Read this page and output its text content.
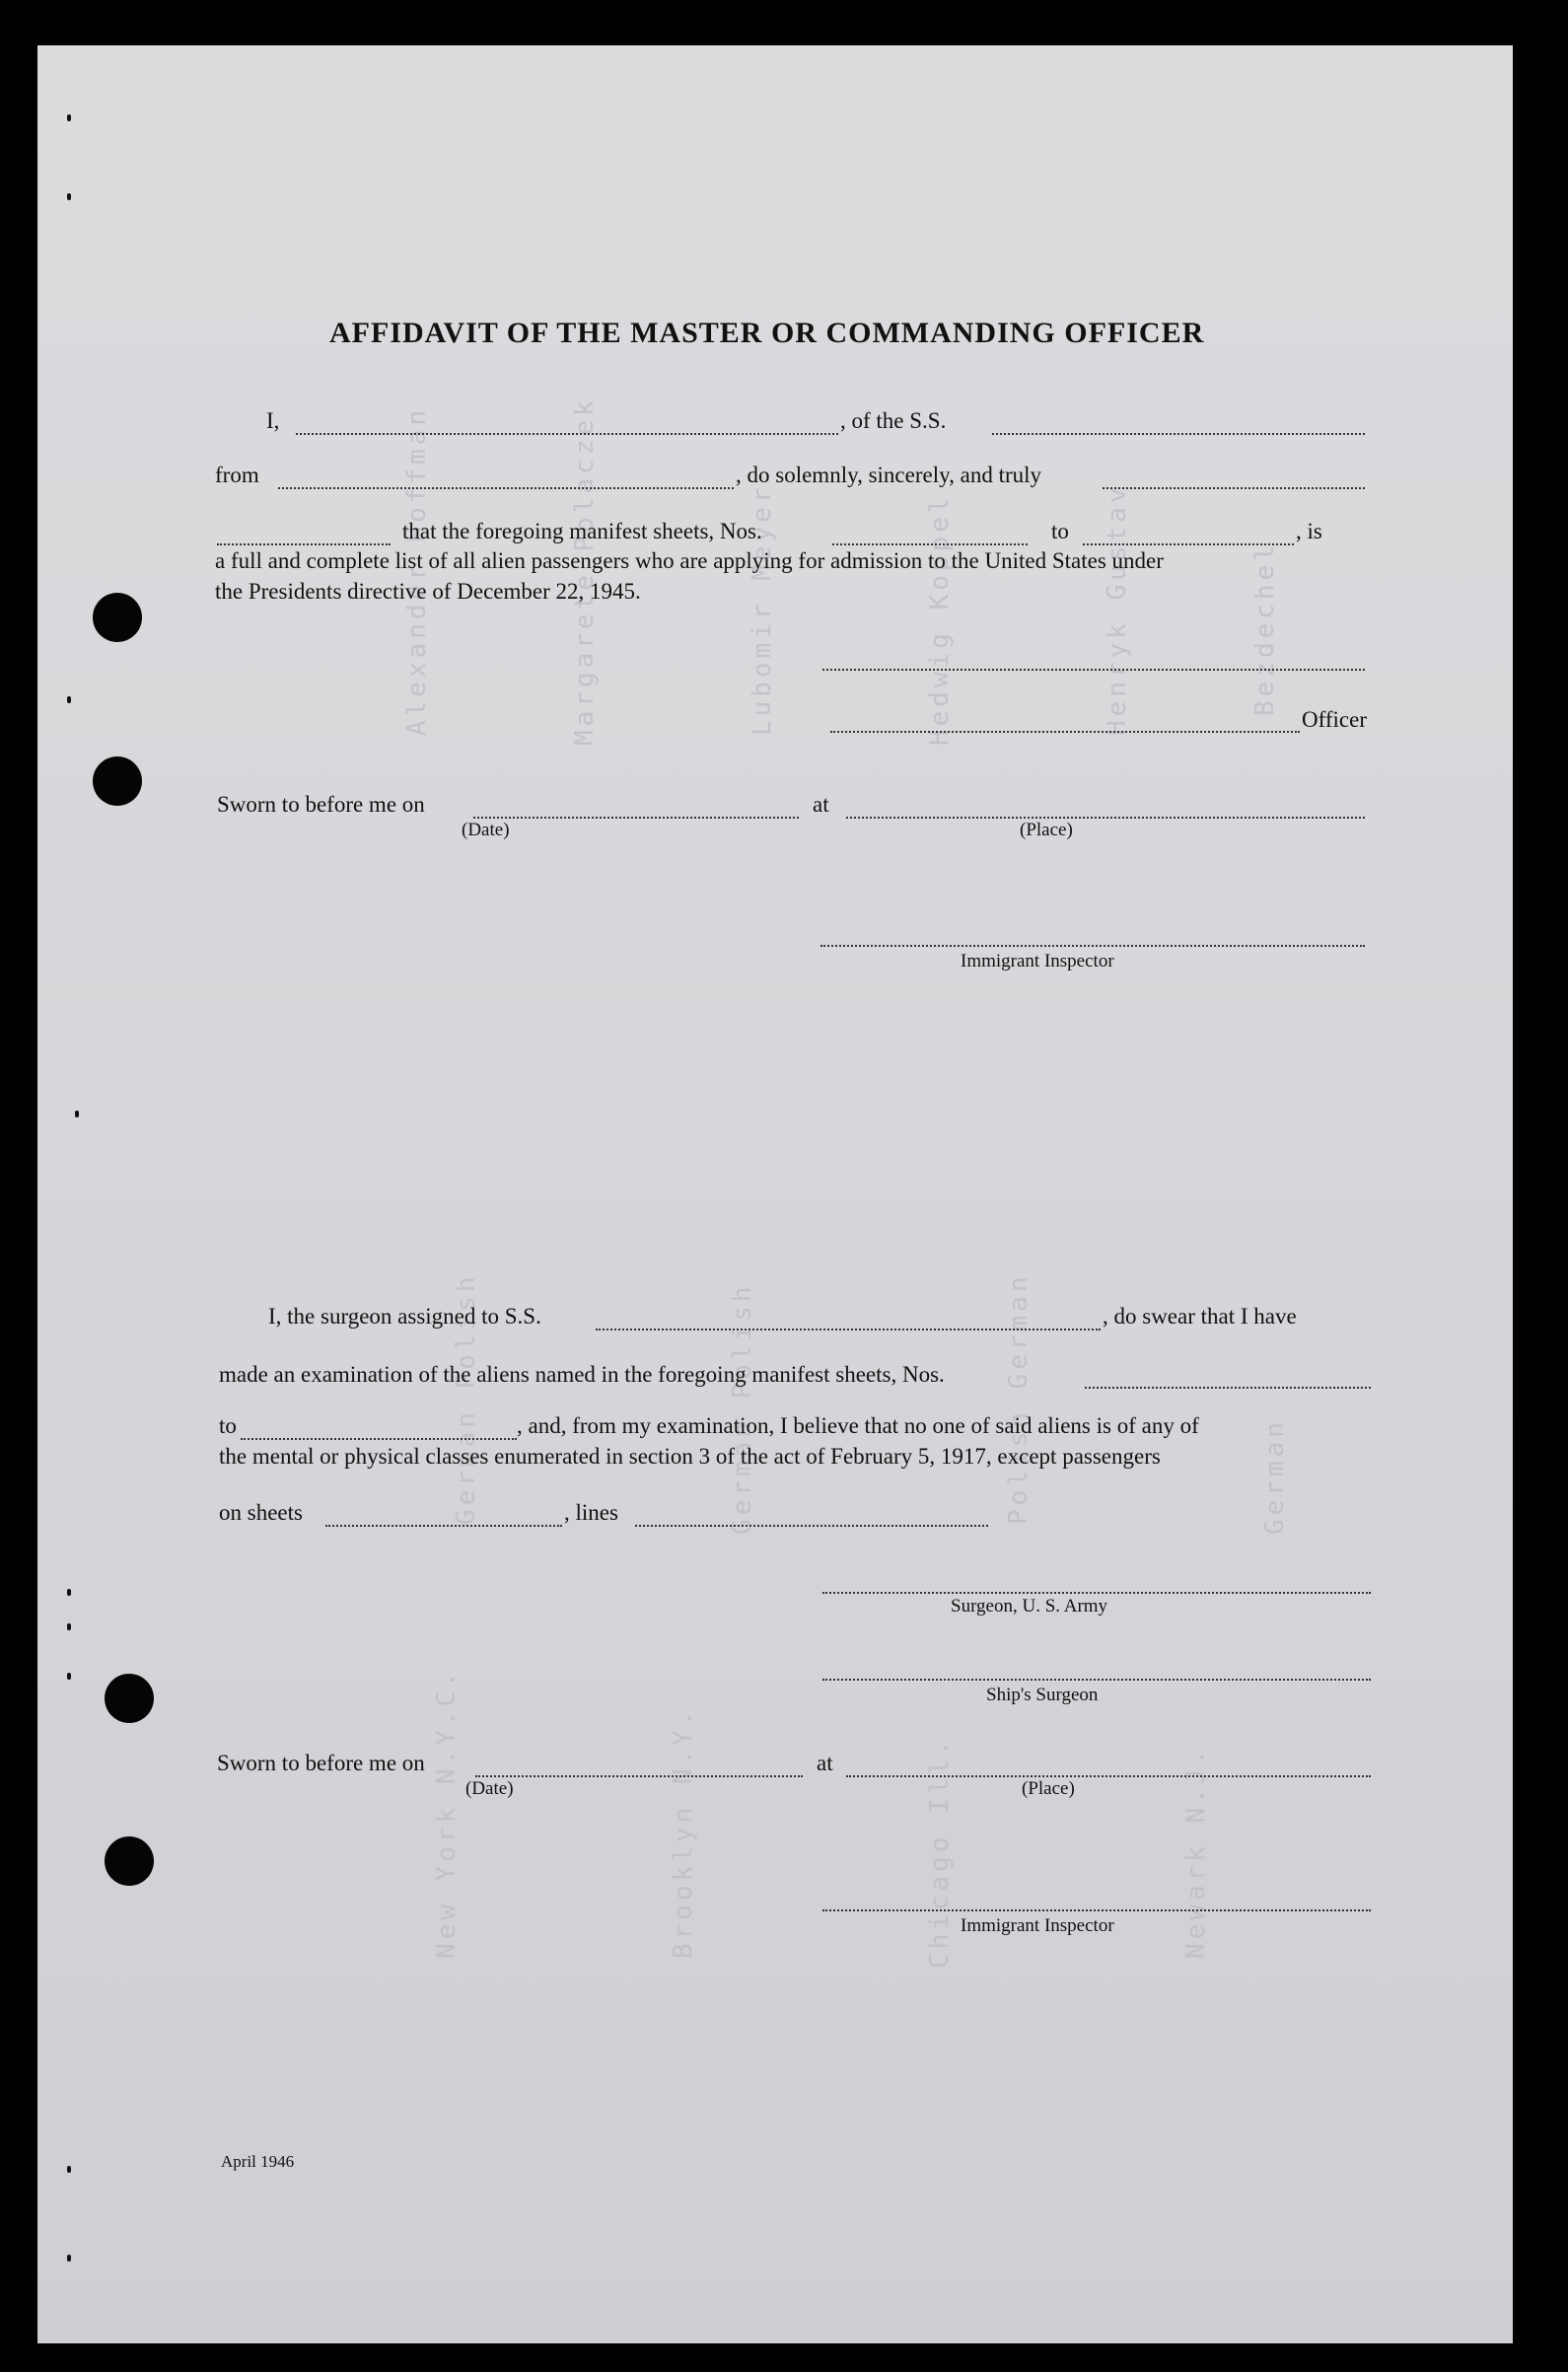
Alexander Hoffman	Margarete Polaczek	Lubomir Meyer	Hedwig Koppel	Henryk Gustav	Bezdechel
German Polish	German Polish	Polish German	German
New York N.Y.C.	Brooklyn N.Y.	Chicago Ill.	Newark N.J.
AFFIDAVIT OF THE MASTER OR COMMANDING OFFICER
I,	, of the S.S.
from	, do solemnly, sincerely, and truly
that the foregoing manifest sheets, Nos.	to	, is
a full and complete list of all alien passengers who are applying for admission to the United States under
the Presidents directive of December 22, 1945.
Officer
Sworn to before me on
(Date)
at
(Place)
Immigrant Inspector
I, the surgeon assigned to S.S.	, do swear that I have
made an examination of the aliens named in the foregoing manifest sheets, Nos.
to	, and, from my examination, I believe that no one of said aliens is of any of
the mental or physical classes enumerated in section 3 of the act of February 5, 1917, except passengers
on sheets	, lines
Surgeon, U. S. Army
Ship's Surgeon
Sworn to before me on
(Date)
at
(Place)
Immigrant Inspector
April 1946
